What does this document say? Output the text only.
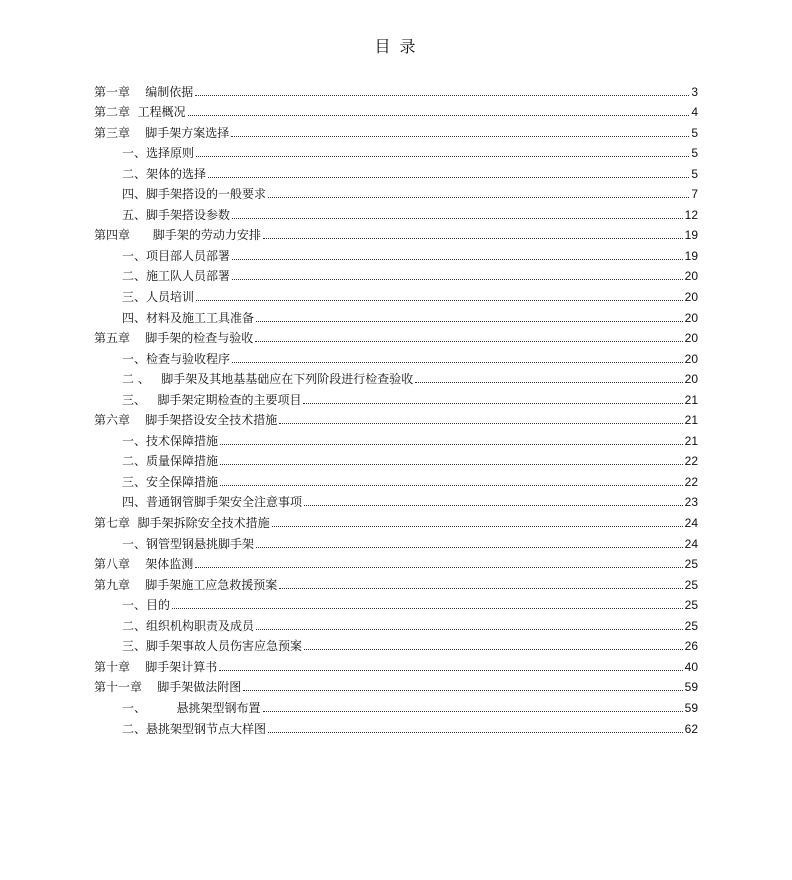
目 录
第一章    编制依据	3
第二章  工程概况	4
第三章    脚手架方案选择	5
一、选择原则	5
二、架体的选择	5
四、脚手架搭设的一般要求	7
五、脚手架搭设参数	12
第四章      脚手架的劳动力安排	19
一、项目部人员部署	19
二、施工队人员部署	20
三、人员培训	20
四、材料及施工工具准备	20
第五章    脚手架的检查与验收	20
一、检查与验收程序	20
二 、   脚手架及其地基基础应在下列阶段进行检查验收	20
三、   脚手架定期检查的主要项目	21
第六章    脚手架搭设安全技术措施	21
一、技术保障措施	21
二、质量保障措施	22
三、安全保障措施	22
四、普通钢管脚手架安全注意事项	23
第七章  脚手架拆除安全技术措施	24
一、钢管型钢悬挑脚手架	24
第八章    架体监测	25
第九章    脚手架施工应急救援预案	25
一、目的	25
二、组织机构职责及成员	25
三、脚手架事故人员伤害应急预案	26
第十章    脚手架计算书	40
第十一章    脚手架做法附图	59
一、        悬挑架型钢布置	59
二、悬挑架型钢节点大样图	62
